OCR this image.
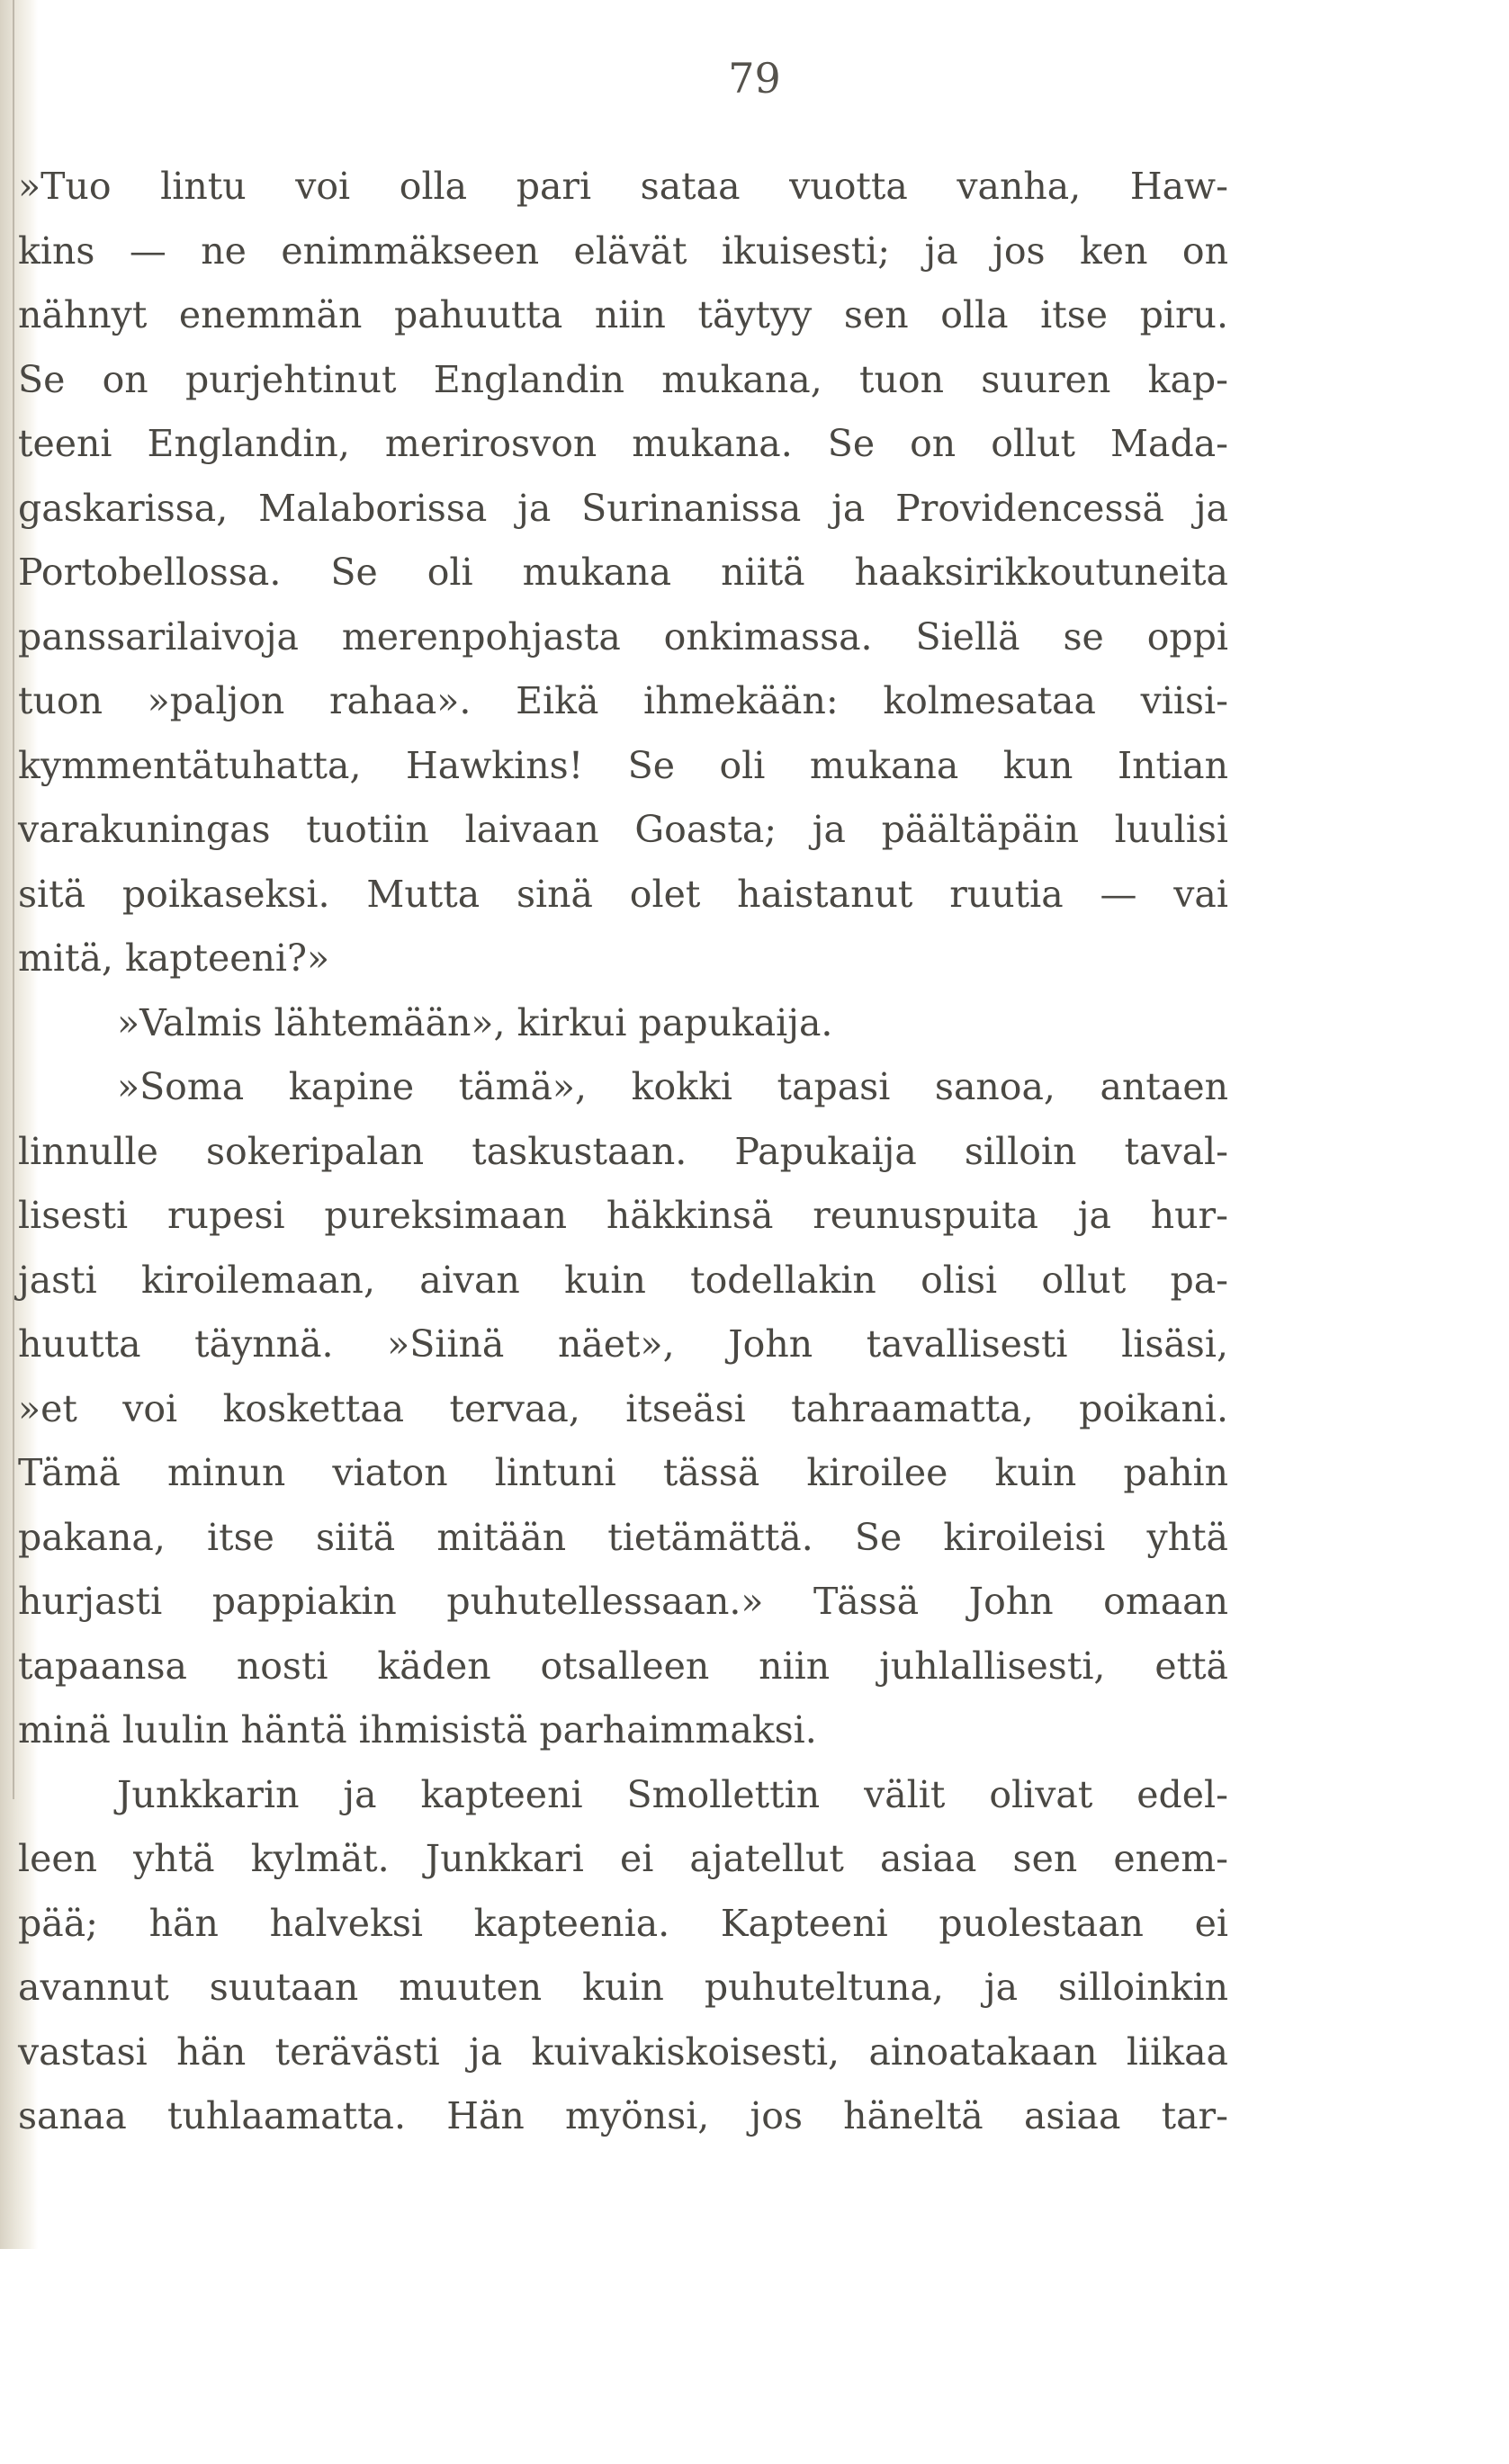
79

»Tuo lintu voi olla pari sataa vuotta vanha, Haw-
kins — ne enimmäkseen elävät ikuisesti; ja jos ken on
nähnyt enemmän pahuutta niin täytyy sen olla itse piru.
Se on purjehtinut Englandin mukana, tuon suuren kap-
teeni Englandin, merirosvon mukana. Se on ollut Mada-
gaskarissa, Malaborissa ja Surinanissa ja Providencessä ja
Portobellossa. Se oli mukana niitä haaksirikkoutuneita
panssarilaivoja merenpohjasta onkimassa. Siellä se oppi
tuon »paljon rahaa». Eikä ihmekään: kolmesataa viisi-
kymmentätuhatta, Hawkins! Se oli mukana kun Intian
varakuningas tuotiin laivaan Goasta; ja päältäpäin luulisi
sitä poikaseksi. Mutta sinä olet haistanut ruutia — vai
mitä, kapteeni?»
»Valmis lähtemään», kirkui papukaija.
»Soma kapine tämä», kokki tapasi sanoa, antaen
linnulle sokeripalan taskustaan. Papukaija silloin taval-
lisesti rupesi pureksimaan häkkinsä reunuspuita ja hur-
jasti kiroilemaan, aivan kuin todellakin olisi ollut pa-
huutta täynnä. »Siinä näet», John tavallisesti lisäsi,
»et voi koskettaa tervaa, itseäsi tahraamatta, poikani.
Tämä minun viaton lintuni tässä kiroilee kuin pahin
pakana, itse siitä mitään tietämättä. Se kiroileisi yhtä
hurjasti pappiakin puhutellessaan.» Tässä John omaan
tapaansa nosti käden otsalleen niin juhlallisesti, että
minä luulin häntä ihmisistä parhaimmaksi.
Junkkarin ja kapteeni Smollettin välit olivat edel-
leen yhtä kylmät. Junkkari ei ajatellut asiaa sen enem-
pää; hän halveksi kapteenia. Kapteeni puolestaan ei
avannut suutaan muuten kuin puhuteltuna, ja silloinkin
vastasi hän terävästi ja kuivakiskoisesti, ainoatakaan liikaa
sanaa tuhlaamatta. Hän myönsi, jos häneltä asiaa tar-
